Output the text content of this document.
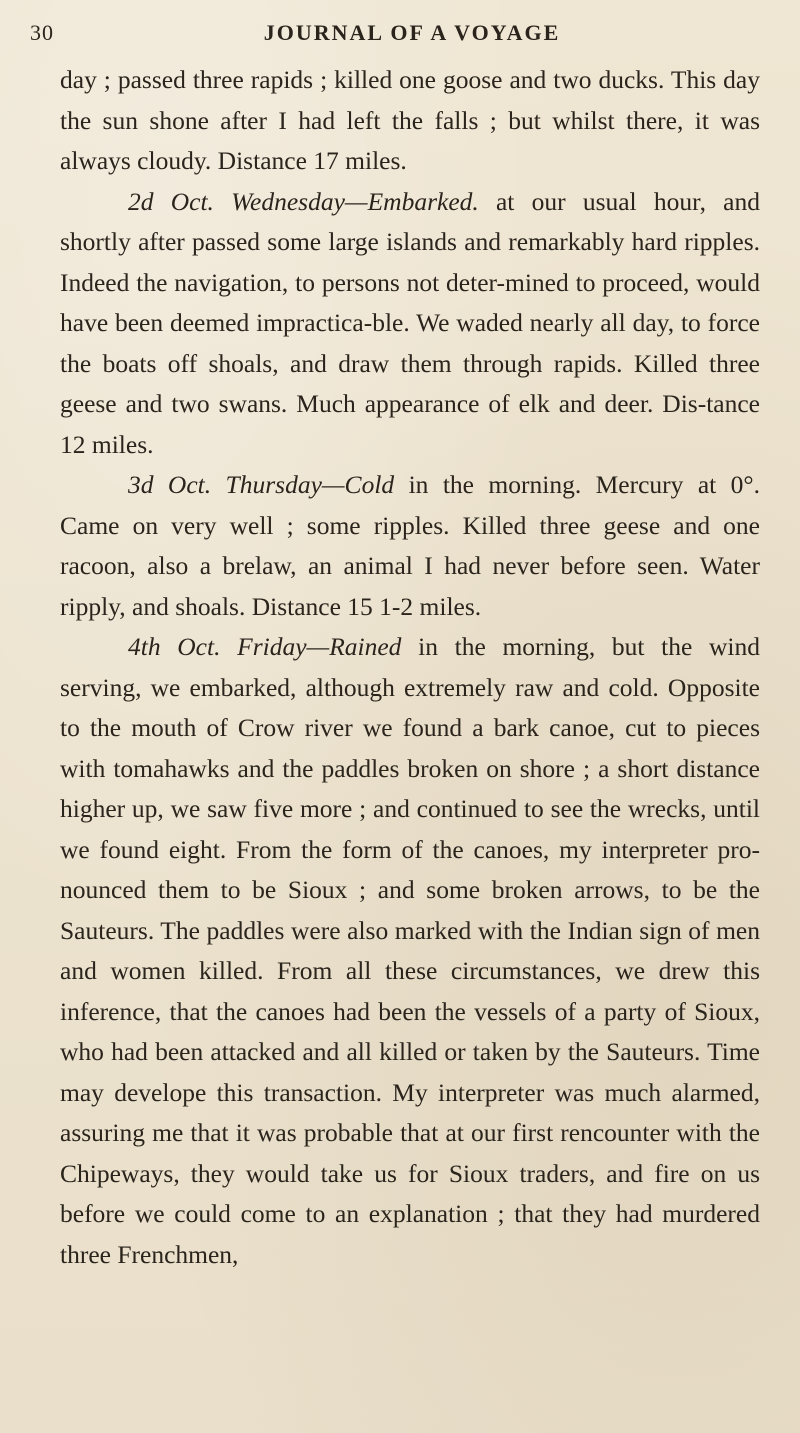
30	JOURNAL OF A VOYAGE

day ; passed three rapids ; killed one goose and two ducks. This day the sun shone after I had left the falls ; but whilst there, it was always cloudy. Distance 17 miles.

2d Oct. Wednesday—Embarked. at our usual hour, and shortly after passed some large islands and remarkably hard ripples. Indeed the navigation, to persons not deter-mined to proceed, would have been deemed impractica-ble. We waded nearly all day, to force the boats off shoals, and draw them through rapids. Killed three geese and two swans. Much appearance of elk and deer. Dis-tance 12 miles.

3d Oct. Thursday—Cold in the morning. Mercury at 0°. Came on very well ; some ripples. Killed three geese and one racoon, also a brelaw, an animal I had never before seen. Water ripply, and shoals. Distance 15 1-2 miles.

4th Oct. Friday—Rained in the morning, but the wind serving, we embarked, although extremely raw and cold. Opposite to the mouth of Crow river we found a bark canoe, cut to pieces with tomahawks and the paddles broken on shore ; a short distance higher up, we saw five more ; and continued to see the wrecks, until we found eight. From the form of the canoes, my interpreter pro-nounced them to be Sioux ; and some broken arrows, to be the Sauteurs. The paddles were also marked with the Indian sign of men and women killed. From all these circumstances, we drew this inference, that the canoes had been the vessels of a party of Sioux, who had been attacked and all killed or taken by the Sauteurs. Time may develope this transaction. My interpreter was much alarmed, assuring me that it was probable that at our first rencounter with the Chipeways, they would take us for Sioux traders, and fire on us before we could come to an explanation ; that they had murdered three Frenchmen,
